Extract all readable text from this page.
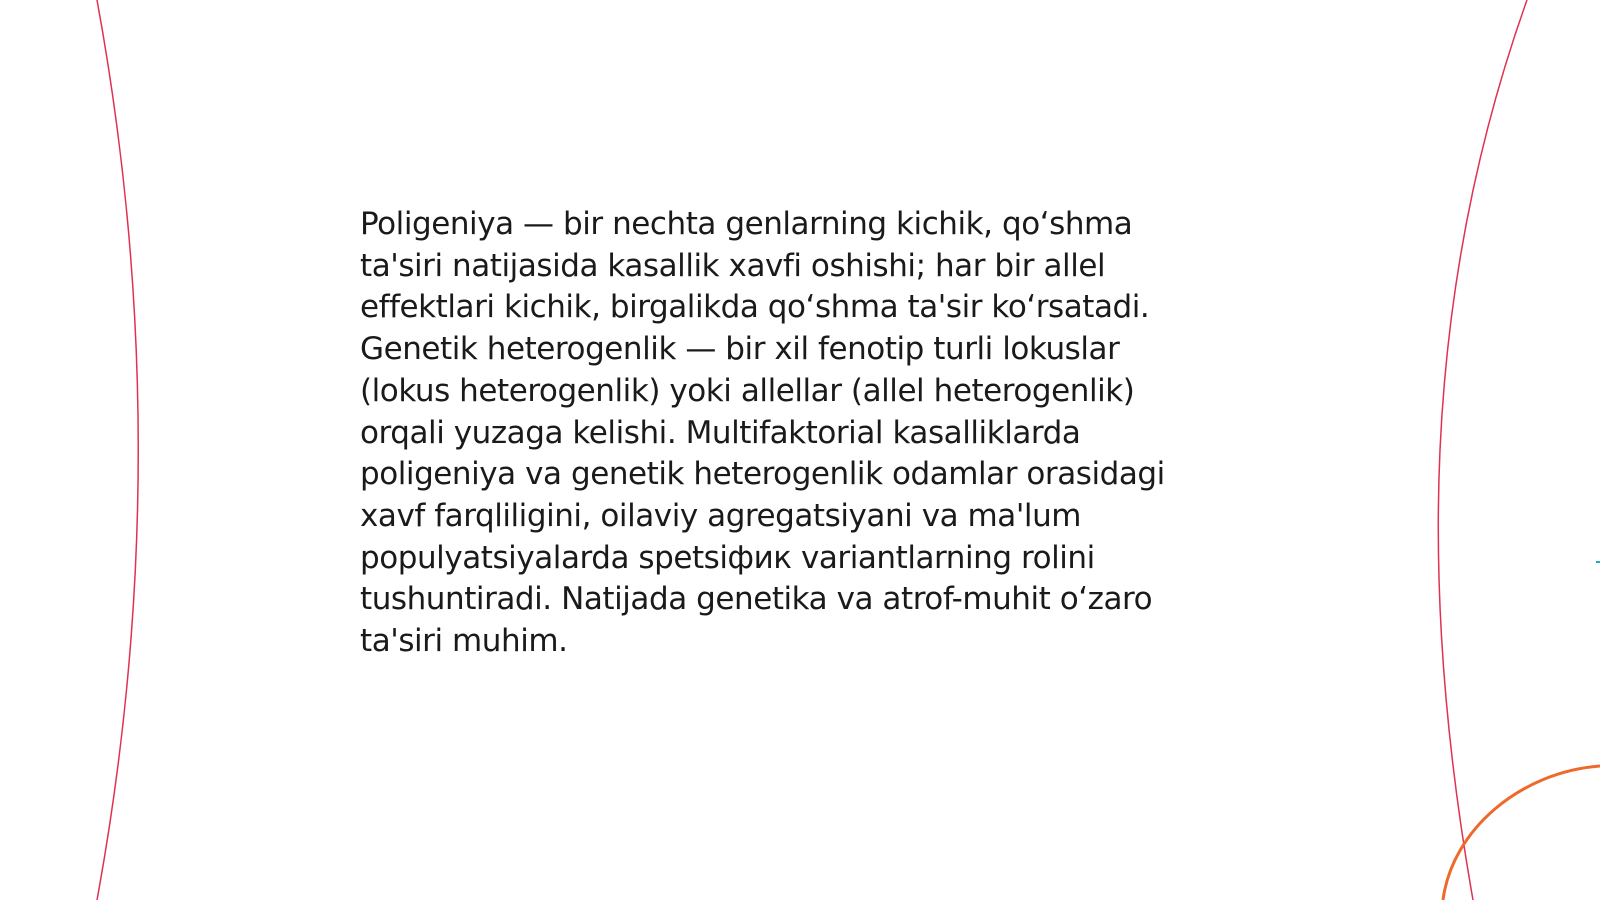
Poligeniya — bir nechta genlarning kichik, qo‘shma
ta'siri natijasida kasallik xavfi oshishi; har bir allel
effektlari kichik, birgalikda qo‘shma ta'sir ko‘rsatadi.
Genetik heterogenlik — bir xil fenotip turli lokuslar
(lokus heterogenlik) yoki allellar (allel heterogenlik)
orqali yuzaga kelishi. Multifaktorial kasalliklarda
poligeniya va genetik heterogenlik odamlar orasidagi
xavf farqliligini, oilaviy agregatsiyani va ma'lum
populyatsiyalarda spetsiфик variantlarning rolini
tushuntiradi. Natijada genetika va atrof-muhit o‘zaro
ta'siri muhim.
